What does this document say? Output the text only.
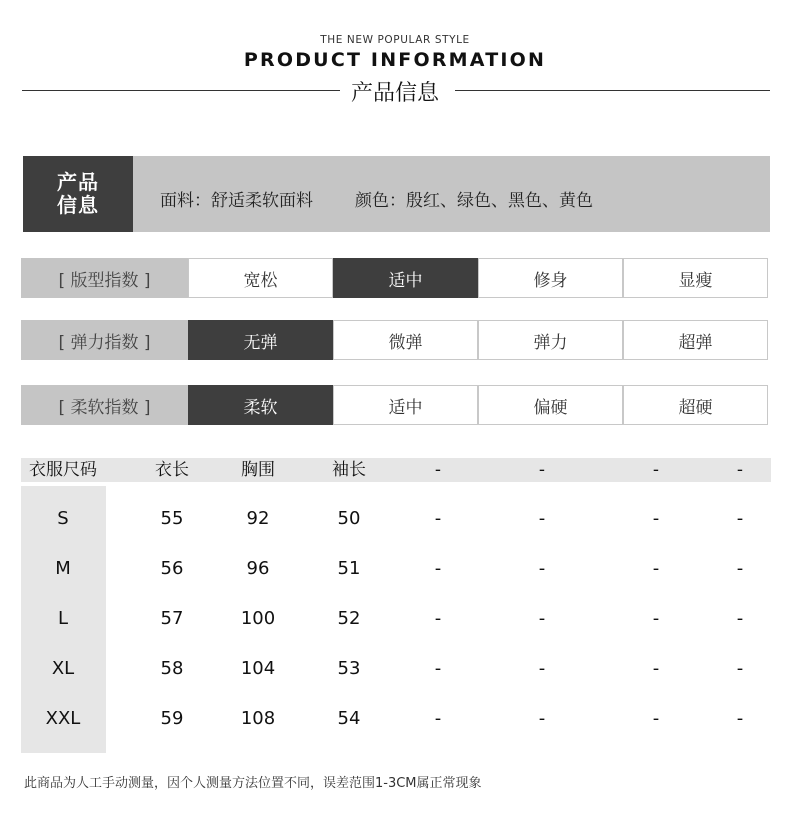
THE NEW POPULAR STYLE
PRODUCT INFORMATION
产品信息
产品
信息	面料：舒适柔软面料 颜色：殷红、绿色、黑色、黄色
[ 版型指数 ]	宽松	适中	修身	显瘦
[ 弹力指数 ]	无弹	微弹	弹力	超弹
[ 柔软指数 ]	柔软	适中	偏硬	超硬
衣服尺码	衣长	胸围	袖长	-	-	-	-
S	55	92	50	-	-	-	-
M	56	96	51	-	-	-	-
L	57	100	52	-	-	-	-
XL	58	104	53	-	-	-	-
XXL	59	108	54	-	-	-	-
此商品为人工手动测量，因个人测量方法位置不同，误差范围1-3CM属正常现象
